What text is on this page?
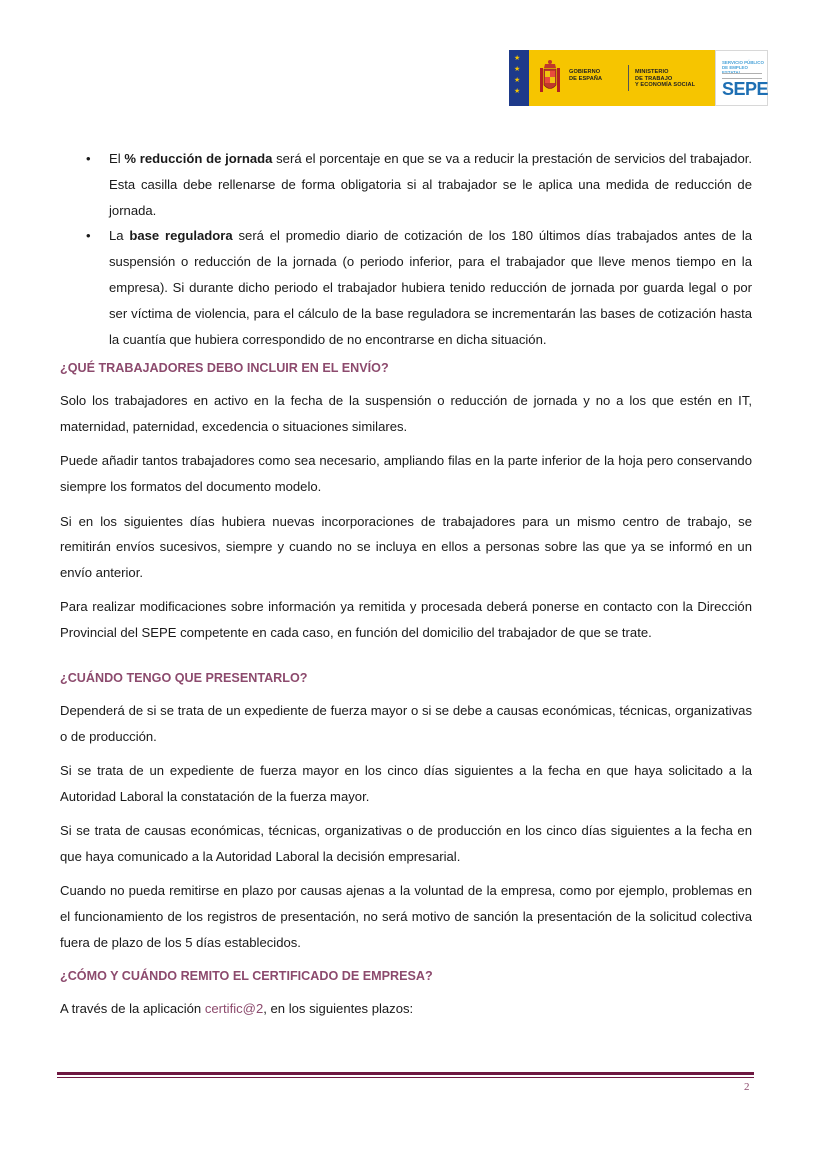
★
★
★
★
GOBIERNO
DE ESPAÑA
MINISTERIO
DE TRABAJO
Y ECONOMÍA SOCIAL
SERVICIO PÚBLICO
DE EMPLEO ESTATAL
SEPE
• El % reducción de jornada será el porcentaje en que se va a reducir la prestación de servicios del trabajador. Esta casilla debe rellenarse de forma obligatoria si al trabajador se le aplica una medida de reducción de jornada.
• La base reguladora será el promedio diario de cotización de los 180 últimos días trabajados antes de la suspensión o reducción de la jornada (o periodo inferior, para el trabajador que lleve menos tiempo en la empresa). Si durante dicho periodo el trabajador hubiera tenido reducción de jornada por guarda legal o por ser víctima de violencia, para el cálculo de la base reguladora se incrementarán las bases de cotización hasta la cuantía que hubiera correspondido de no encontrarse en dicha situación.
¿QUÉ TRABAJADORES DEBO INCLUIR EN EL ENVÍO?

Solo los trabajadores en activo en la fecha de la suspensión o reducción de jornada y no a los que estén en IT, maternidad, paternidad, excedencia o situaciones similares.

Puede añadir tantos trabajadores como sea necesario, ampliando filas en la parte inferior de la hoja pero conservando siempre los formatos del documento modelo.

Si en los siguientes días hubiera nuevas incorporaciones de trabajadores para un mismo centro de trabajo, se remitirán envíos sucesivos, siempre y cuando no se incluya en ellos a personas sobre las que ya se informó en un envío anterior.

Para realizar modificaciones sobre información ya remitida y procesada deberá ponerse en contacto con la Dirección Provincial del SEPE competente en cada caso, en función del domicilio del trabajador de que se trate.

¿CUÁNDO TENGO QUE PRESENTARLO?

Dependerá de si se trata de un expediente de fuerza mayor o si se debe a causas económicas, técnicas, organizativas o de producción.

Si se trata de un expediente de fuerza mayor en los cinco días siguientes a la fecha en que haya solicitado a la Autoridad Laboral la constatación de la fuerza mayor.

Si se trata de causas económicas, técnicas, organizativas o de producción en los cinco días siguientes a la fecha en que haya comunicado a la Autoridad Laboral la decisión empresarial.

Cuando no pueda remitirse en plazo por causas ajenas a la voluntad de la empresa, como por ejemplo, problemas en el funcionamiento de los registros de presentación, no será motivo de sanción la presentación de la solicitud colectiva fuera de plazo de los 5 días establecidos.

¿CÓMO Y CUÁNDO REMITO EL CERTIFICADO DE EMPRESA?

A través de la aplicación certific@2, en los siguientes plazos:

2
